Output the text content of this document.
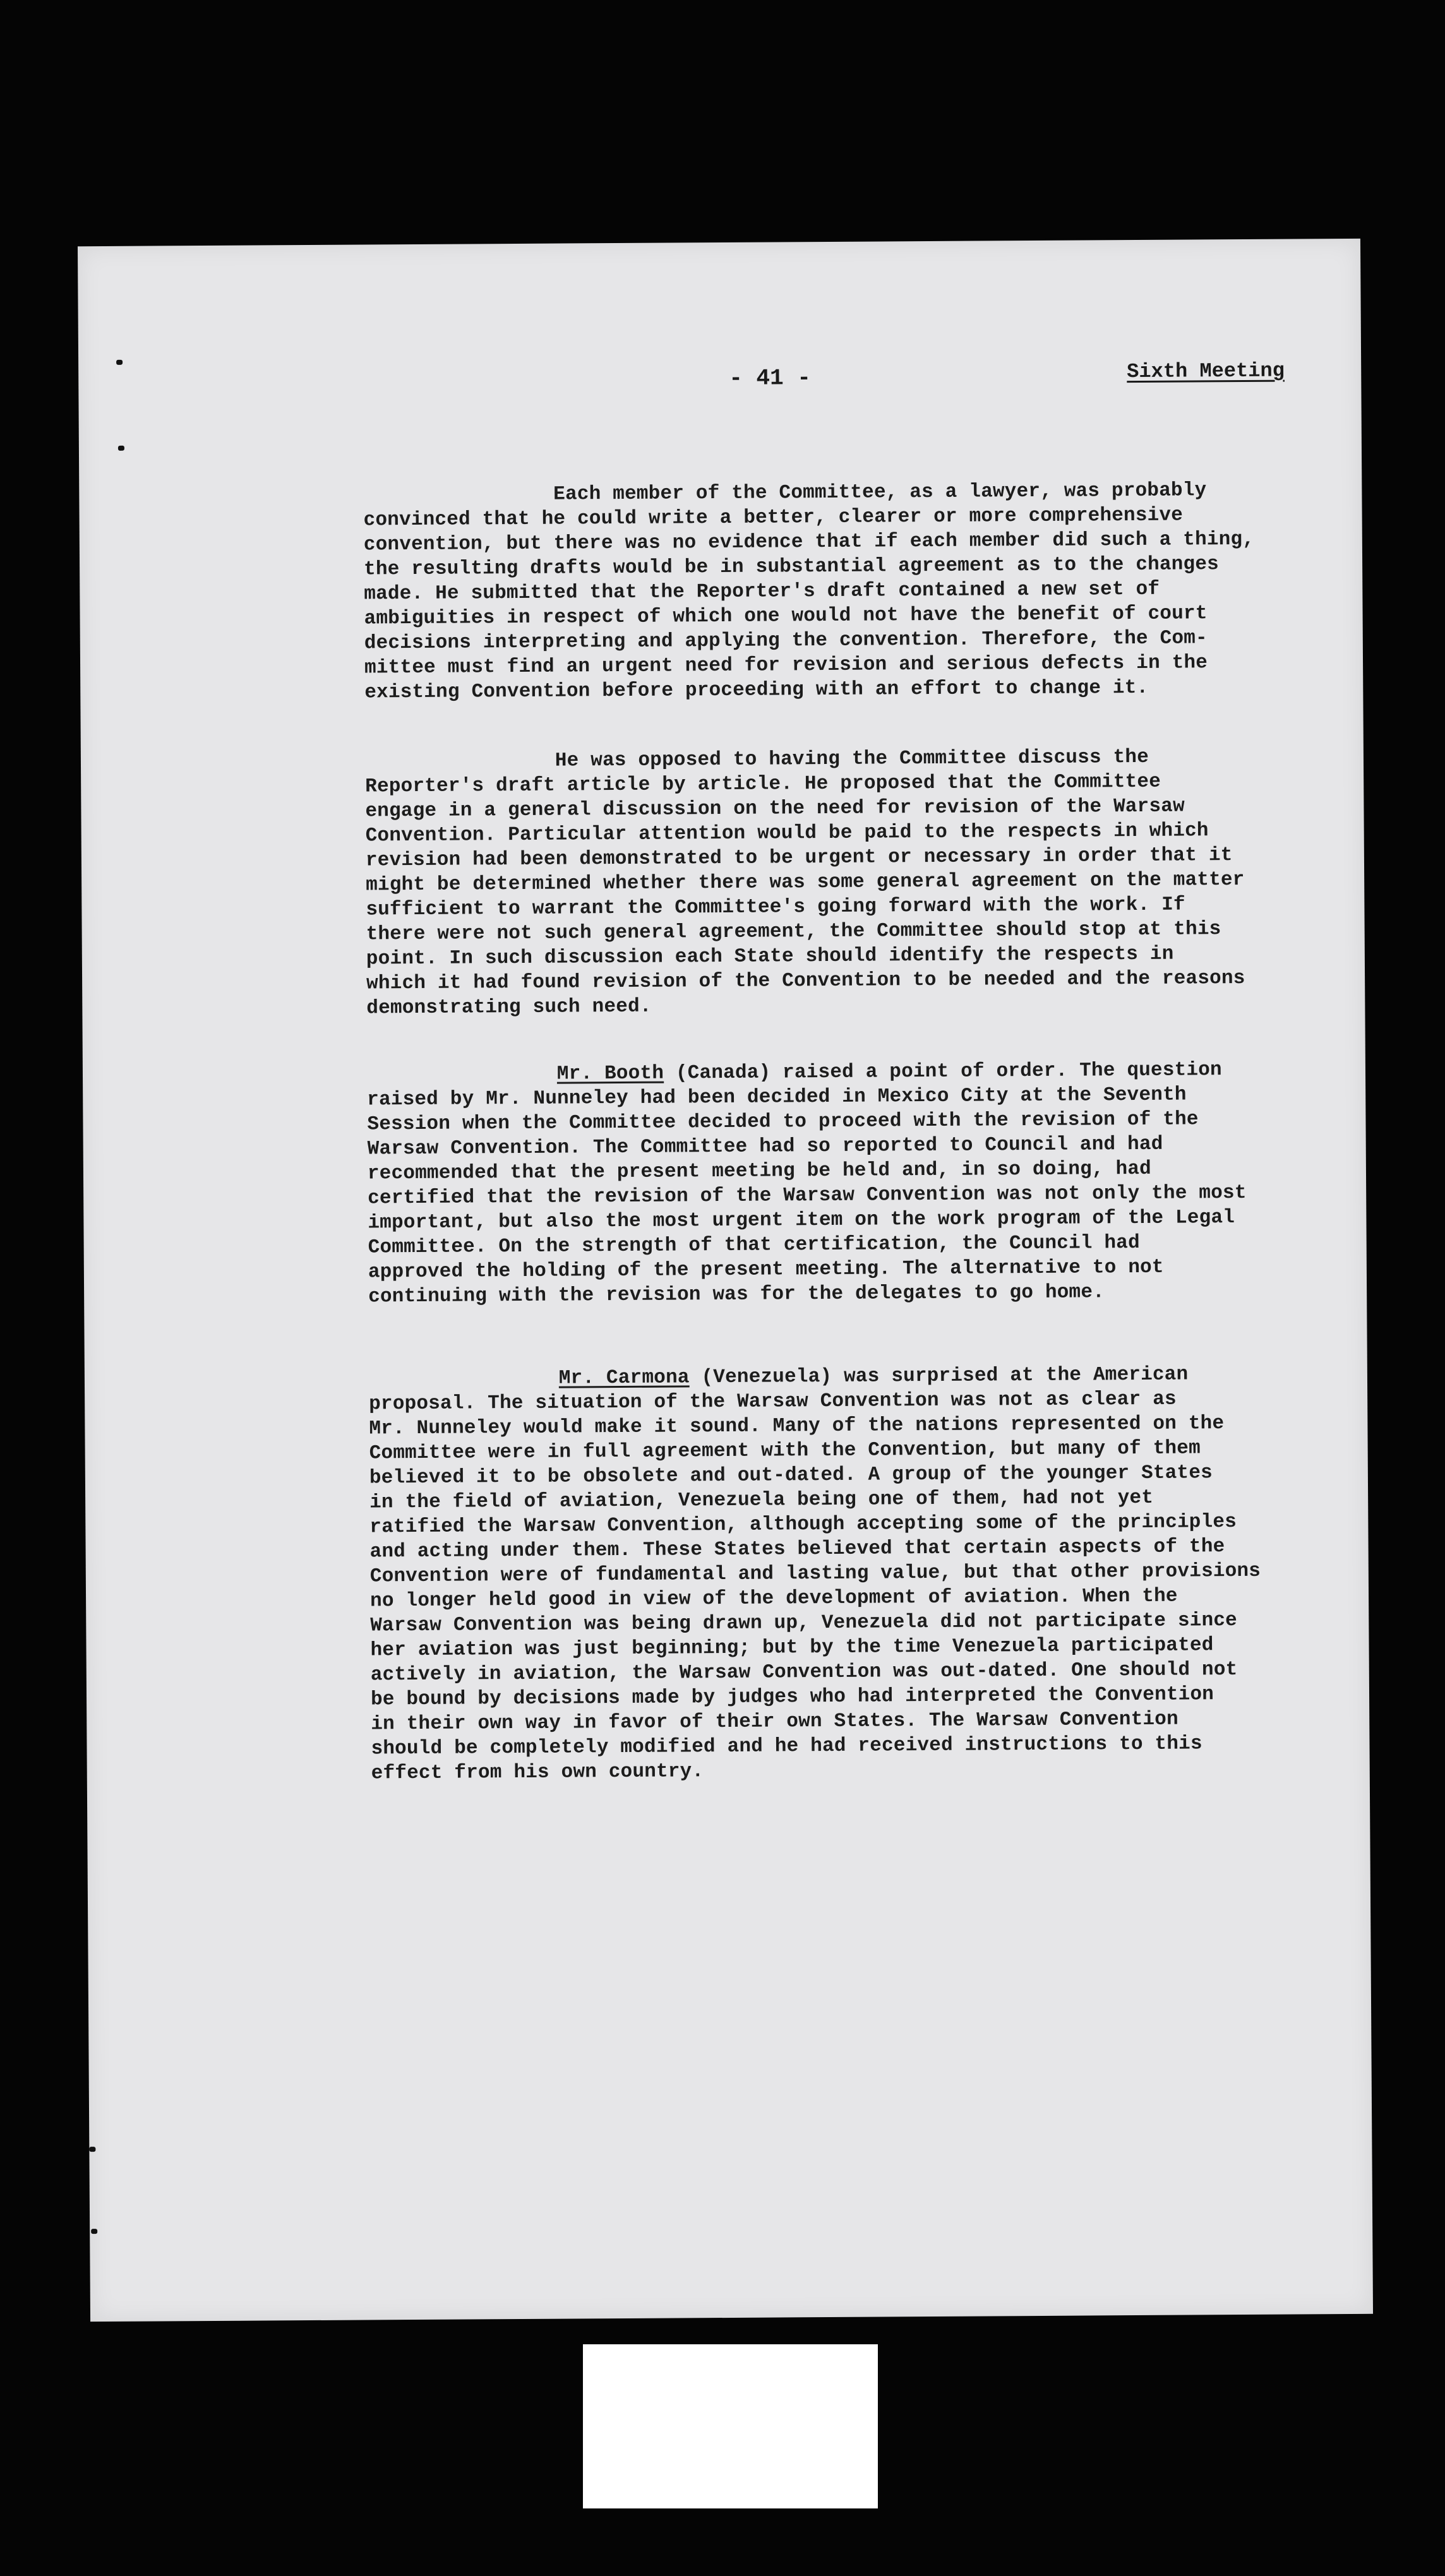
- 41 -	Sixth Meeting
Each member of the Committee, as a lawyer, was probably
convinced that he could write a better, clearer or more comprehensive
convention, but there was no evidence that if each member did such a thing,
the resulting drafts would be in substantial agreement as to the changes
made. He submitted that the Reporter's draft contained a new set of
ambiguities in respect of which one would not have the benefit of court
decisions interpreting and applying the convention. Therefore, the Com-
mittee must find an urgent need for revision and serious defects in the
existing Convention before proceeding with an effort to change it.
He was opposed to having the Committee discuss the
Reporter's draft article by article. He proposed that the Committee
engage in a general discussion on the need for revision of the Warsaw
Convention. Particular attention would be paid to the respects in which
revision had been demonstrated to be urgent or necessary in order that it
might be determined whether there was some general agreement on the matter
sufficient to warrant the Committee's going forward with the work. If
there were not such general agreement, the Committee should stop at this
point. In such discussion each State should identify the respects in
which it had found revision of the Convention to be needed and the reasons
demonstrating such need.
Mr. Booth (Canada) raised a point of order. The question
raised by Mr. Nunneley had been decided in Mexico City at the Seventh
Session when the Committee decided to proceed with the revision of the
Warsaw Convention. The Committee had so reported to Council and had
recommended that the present meeting be held and, in so doing, had
certified that the revision of the Warsaw Convention was not only the most
important, but also the most urgent item on the work program of the Legal
Committee. On the strength of that certification, the Council had
approved the holding of the present meeting. The alternative to not
continuing with the revision was for the delegates to go home.
Mr. Carmona (Venezuela) was surprised at the American
proposal. The situation of the Warsaw Convention was not as clear as
Mr. Nunneley would make it sound. Many of the nations represented on the
Committee were in full agreement with the Convention, but many of them
believed it to be obsolete and out-dated. A group of the younger States
in the field of aviation, Venezuela being one of them, had not yet
ratified the Warsaw Convention, although accepting some of the principles
and acting under them. These States believed that certain aspects of the
Convention were of fundamental and lasting value, but that other provisions
no longer held good in view of the development of aviation. When the
Warsaw Convention was being drawn up, Venezuela did not participate since
her aviation was just beginning; but by the time Venezuela participated
actively in aviation, the Warsaw Convention was out-dated. One should not
be bound by decisions made by judges who had interpreted the Convention
in their own way in favor of their own States. The Warsaw Convention
should be completely modified and he had received instructions to this
effect from his own country.
